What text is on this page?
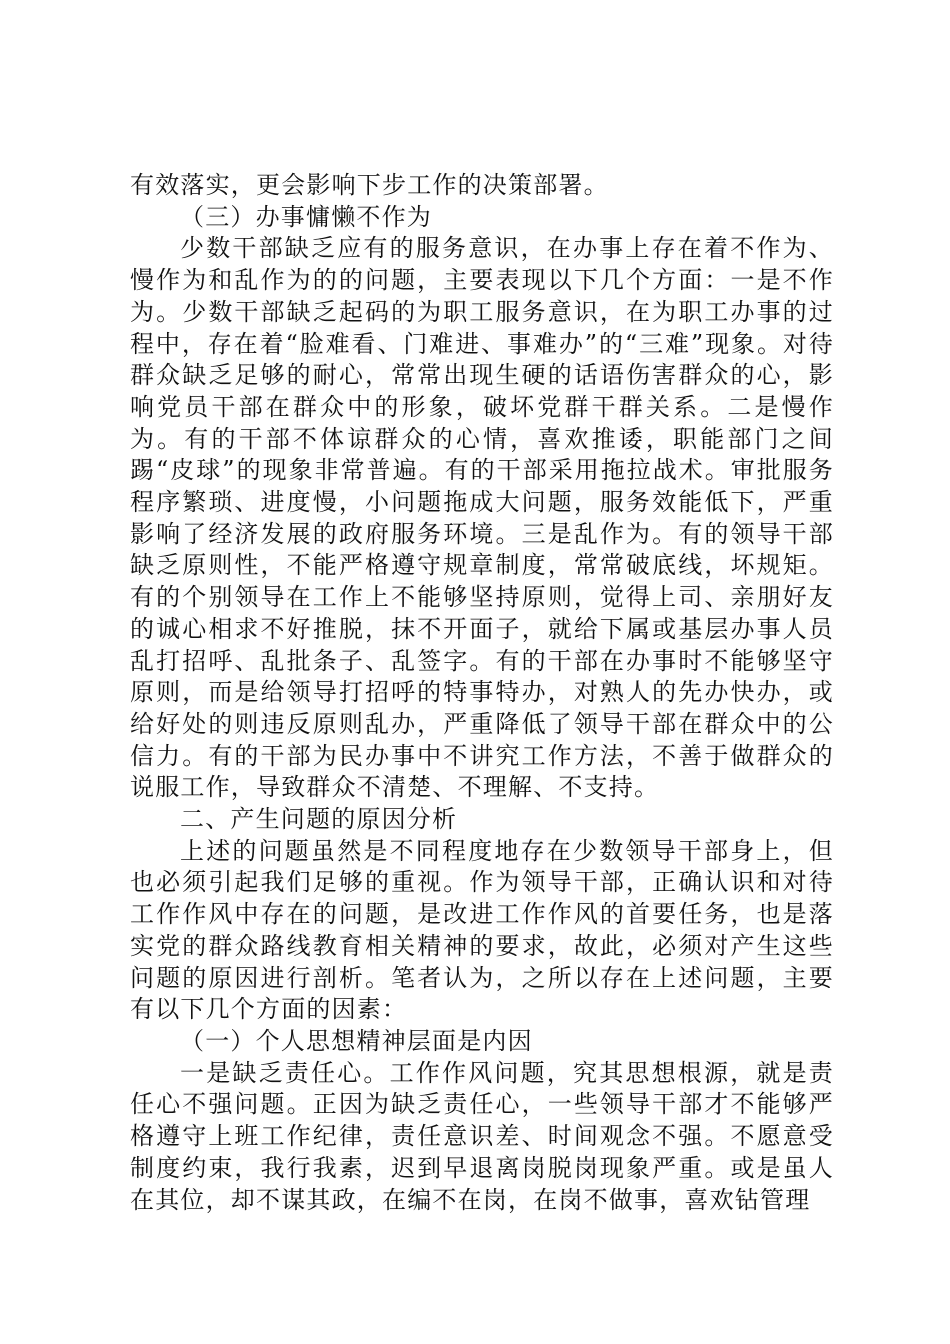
有效落实，更会影响下步工作的决策部署。

（三）办事慵懒不作为

少数干部缺乏应有的服务意识，在办事上存在着不作为、慢作为和乱作为的的问题，主要表现以下几个方面：一是不作为。少数干部缺乏起码的为职工服务意识，在为职工办事的过程中，存在着“脸难看、门难进、事难办”的“三难”现象。对待群众缺乏足够的耐心，常常出现生硬的话语伤害群众的心，影响党员干部在群众中的形象，破坏党群干群关系。二是慢作为。有的干部不体谅群众的心情，喜欢推诿，职能部门之间踢“皮球”的现象非常普遍。有的干部采用拖拉战术。审批服务程序繁琐、进度慢，小问题拖成大问题，服务效能低下，严重影响了经济发展的政府服务环境。三是乱作为。有的领导干部缺乏原则性，不能严格遵守规章制度，常常破底线，坏规矩。有的个别领导在工作上不能够坚持原则，觉得上司、亲朋好友的诚心相求不好推脱，抹不开面子，就给下属或基层办事人员乱打招呼、乱批条子、乱签字。有的干部在办事时不能够坚守原则，而是给领导打招呼的特事特办，对熟人的先办快办，或给好处的则违反原则乱办，严重降低了领导干部在群众中的公信力。有的干部为民办事中不讲究工作方法，不善于做群众的说服工作，导致群众不清楚、不理解、不支持。

二、产生问题的原因分析

上述的问题虽然是不同程度地存在少数领导干部身上，但也必须引起我们足够的重视。作为领导干部，正确认识和对待工作作风中存在的问题，是改进工作作风的首要任务，也是落实党的群众路线教育相关精神的要求，故此，必须对产生这些问题的原因进行剖析。笔者认为，之所以存在上述问题，主要有以下几个方面的因素：

（一）个人思想精神层面是内因

一是缺乏责任心。工作作风问题，究其思想根源，就是责任心不强问题。正因为缺乏责任心，一些领导干部才不能够严格遵守上班工作纪律，责任意识差、时间观念不强。不愿意受制度约束，我行我素，迟到早退离岗脱岗现象严重。或是虽人在其位，却不谋其政，在编不在岗，在岗不做事，喜欢钻管理
